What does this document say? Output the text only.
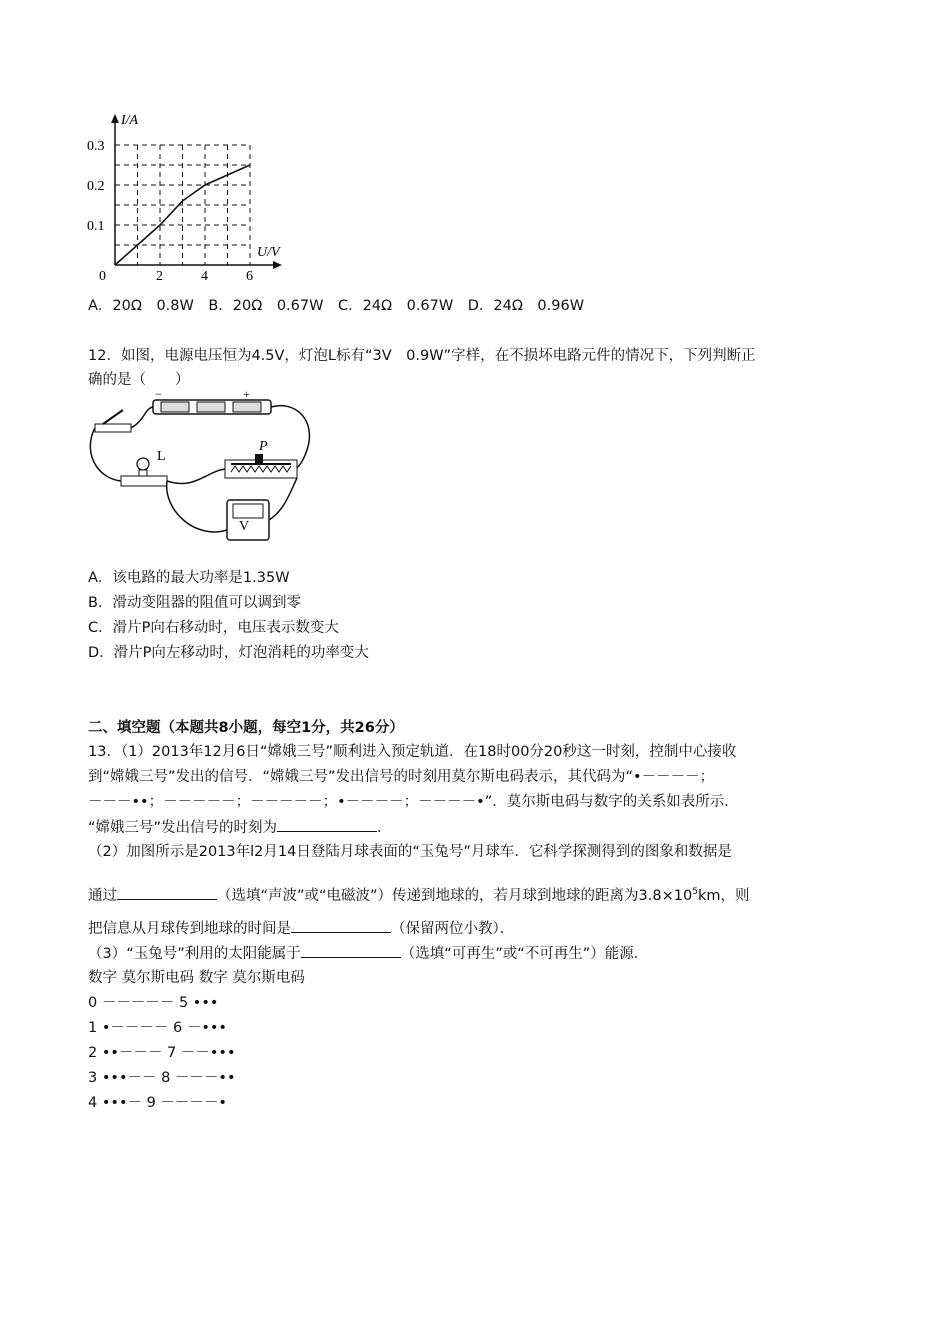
I/A
U/V
0	2	4	6
0.1
0.2
0.3
A．20Ω　0.8W　B．20Ω　0.67W　C．24Ω　0.67W　D．24Ω　0.96W
12．如图，电源电压恒为4.5V，灯泡L标有“3V　0.9W”字样，在不损坏电路元件的情况下，下列判断正
确的是（　　）
−	+
L
P
V
A．该电路的最大功率是1.35W
B．滑动变阻器的阻值可以调到零
C．滑片P向右移动时，电压表示数变大
D．滑片P向左移动时，灯泡消耗的功率变大
二、填空题（本题共8小题，每空1分，共26分）
13．（1）2013年12月6日“嫦娥三号”顺利进入预定轨道．在18时00分20秒这一时刻，控制中心接收
到“嫦娥三号”发出的信号．“嫦娥三号”发出信号的时刻用莫尔斯电码表示，其代码为“•－－－－；
－－－••；－－－－－；－－－－－；•－－－－；－－－－•”．莫尔斯电码与数字的关系如表所示．
“嫦娥三号”发出信号的时刻为	．
（2）加图所示是2013年l2月14日登陆月球表面的“玉兔号”月球车．它科学探测得到的图象和数据是
通过	（选填“声波”或“电磁波”）传递到地球的，若月球到地球的距离为$3.8\times 10^5km$，则
把信息从月球传到地球的时间是	（保留两位小教）．
（3）“玉兔号”利用的太阳能属于	（选填“可再生”或“不可再生”）能源．
数字 莫尔斯电码 数字 莫尔斯电码
0 －－－－－ 5 •••
1 •－－－－ 6 －•••
2 ••－－－ 7 －－•••
3 •••－－ 8 －－－••
4 •••－ 9 －－－－•
